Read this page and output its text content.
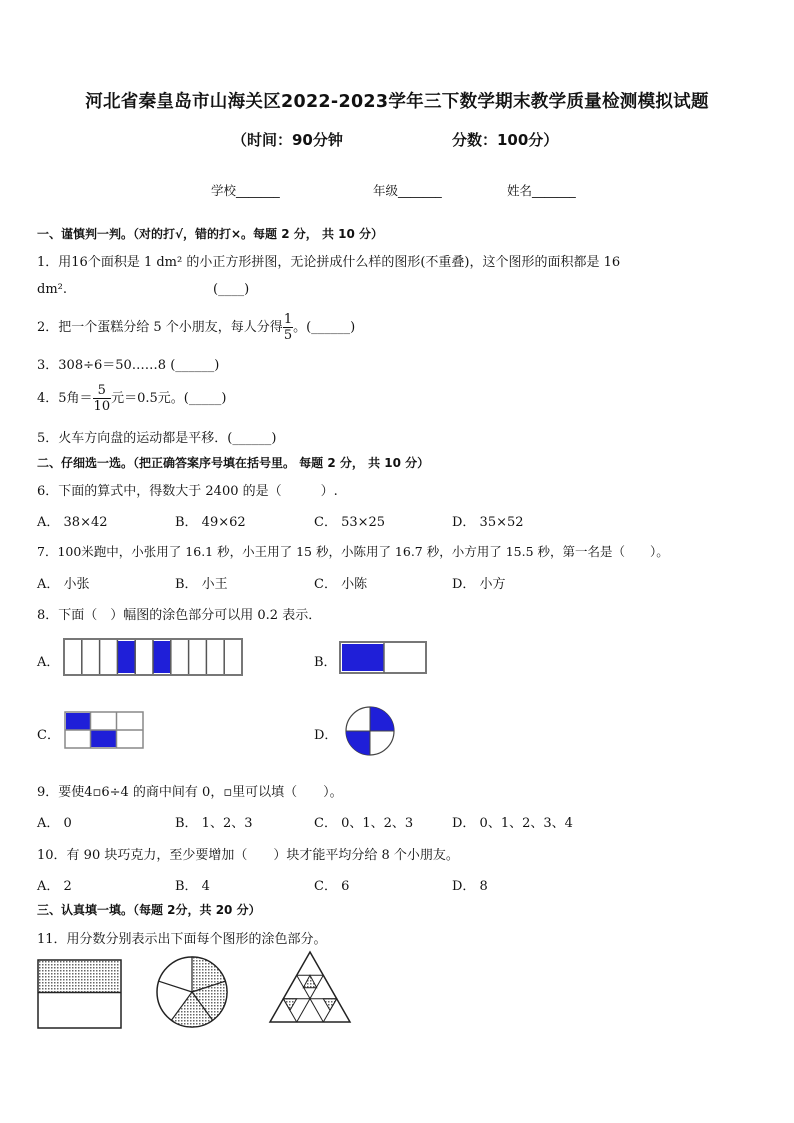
河北省秦皇岛市山海关区2022-2023学年三下数学期末教学质量检测模拟试题
（时间：90分钟	分数：100分）
学校_______	年级_______	姓名_______
一、谨慎判一判。（对的打√，错的打×。每题 2 分， 共 10 分）
1．用16个面积是 1 dm² 的小正方形拼图，无论拼成什么样的图形(不重叠)，这个图形的面积都是 16
dm².	(____)
2．把一个蛋糕分给 5 个小朋友，每人分得 $\frac{1}{5}$ 。(______)
3．308÷6＝50……8 (______)
4．5角＝ $\frac{5}{10}$ 元＝0.5元。(_____)
5．火车方向盘的运动都是平移．(______)
二、仔细选一选。（把正确答案序号填在括号里。 每题 2 分， 共 10 分）
6．下面的算式中，得数大于 2400 的是（　　　）.
A． 38×42	B． 49×62	C． 53×25	D． 35×52
7．100米跑中，小张用了 16.1 秒，小王用了 15 秒，小陈用了 16.7 秒，小方用了 15.5 秒，第一名是（　　）。
A． 小张	B． 小王	C． 小陈	D． 小方
8．下面（　）幅图的涂色部分可以用 0.2 表示．
A．	B．
C．	D．
9．要使4▫6÷4 的商中间有 0，▫里可以填（　　）。
A． 0	B． 1、2、3	C． 0、1、2、3	D． 0、1、2、3、4
10．有 90 块巧克力，至少要增加（　　）块才能平均分给 8 个小朋友。
A． 2	B． 4	C． 6	D． 8
三、认真填一填。（每题 2分，共 20 分）
11．用分数分别表示出下面每个图形的涂色部分。
